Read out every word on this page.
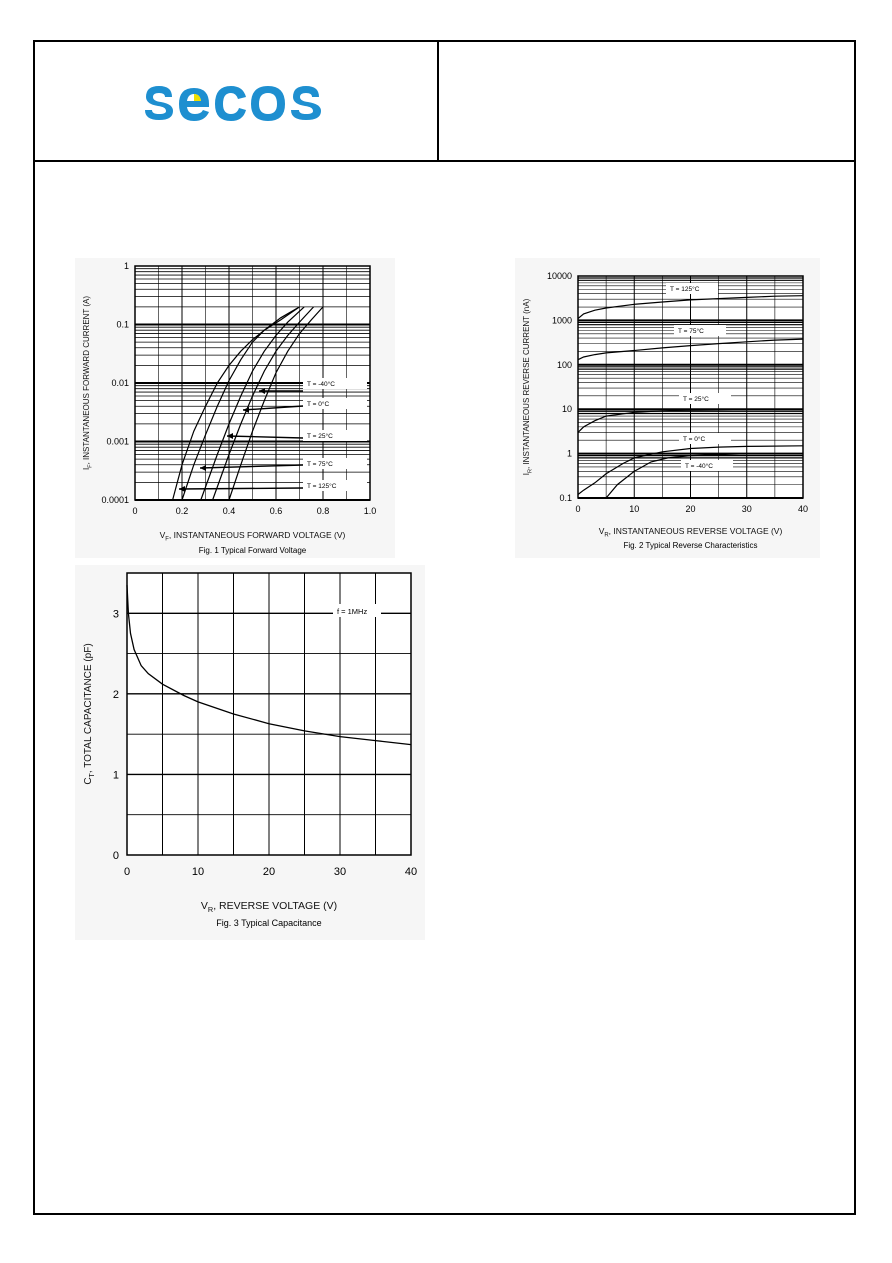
0	0.2	0.4	0.6	0.8	1.0
1
0.1
0.01
0.001
0.0001
T = -40°C
T = 0°C
T = 25°C
T = 75°C
T = 125°C
$V_F$, INSTANTANEOUS FORWARD VOLTAGE (V)
$I_F$, INSTANTANEOUS FORWARD CURRENT (A)
Fig. 1 Typical Forward Voltage
0	10	20	30	40
10000
1000
100
10
1
0.1
T = 125°C
T = 75°C
T = 25°C
T = 0°C
T = -40°C
$V_R$, INSTANTANEOUS REVERSE VOLTAGE (V)
$I_R$, INSTANTANEOUS REVERSE CURRENT (nA)
Fig. 2 Typical Reverse Characteristics
0	10	20	30	40
3
2
1
0
f = 1MHz
$V_R$, REVERSE VOLTAGE (V)
$C_T$, TOTAL CAPACITANCE (pF)
Fig. 3 Typical Capacitance
